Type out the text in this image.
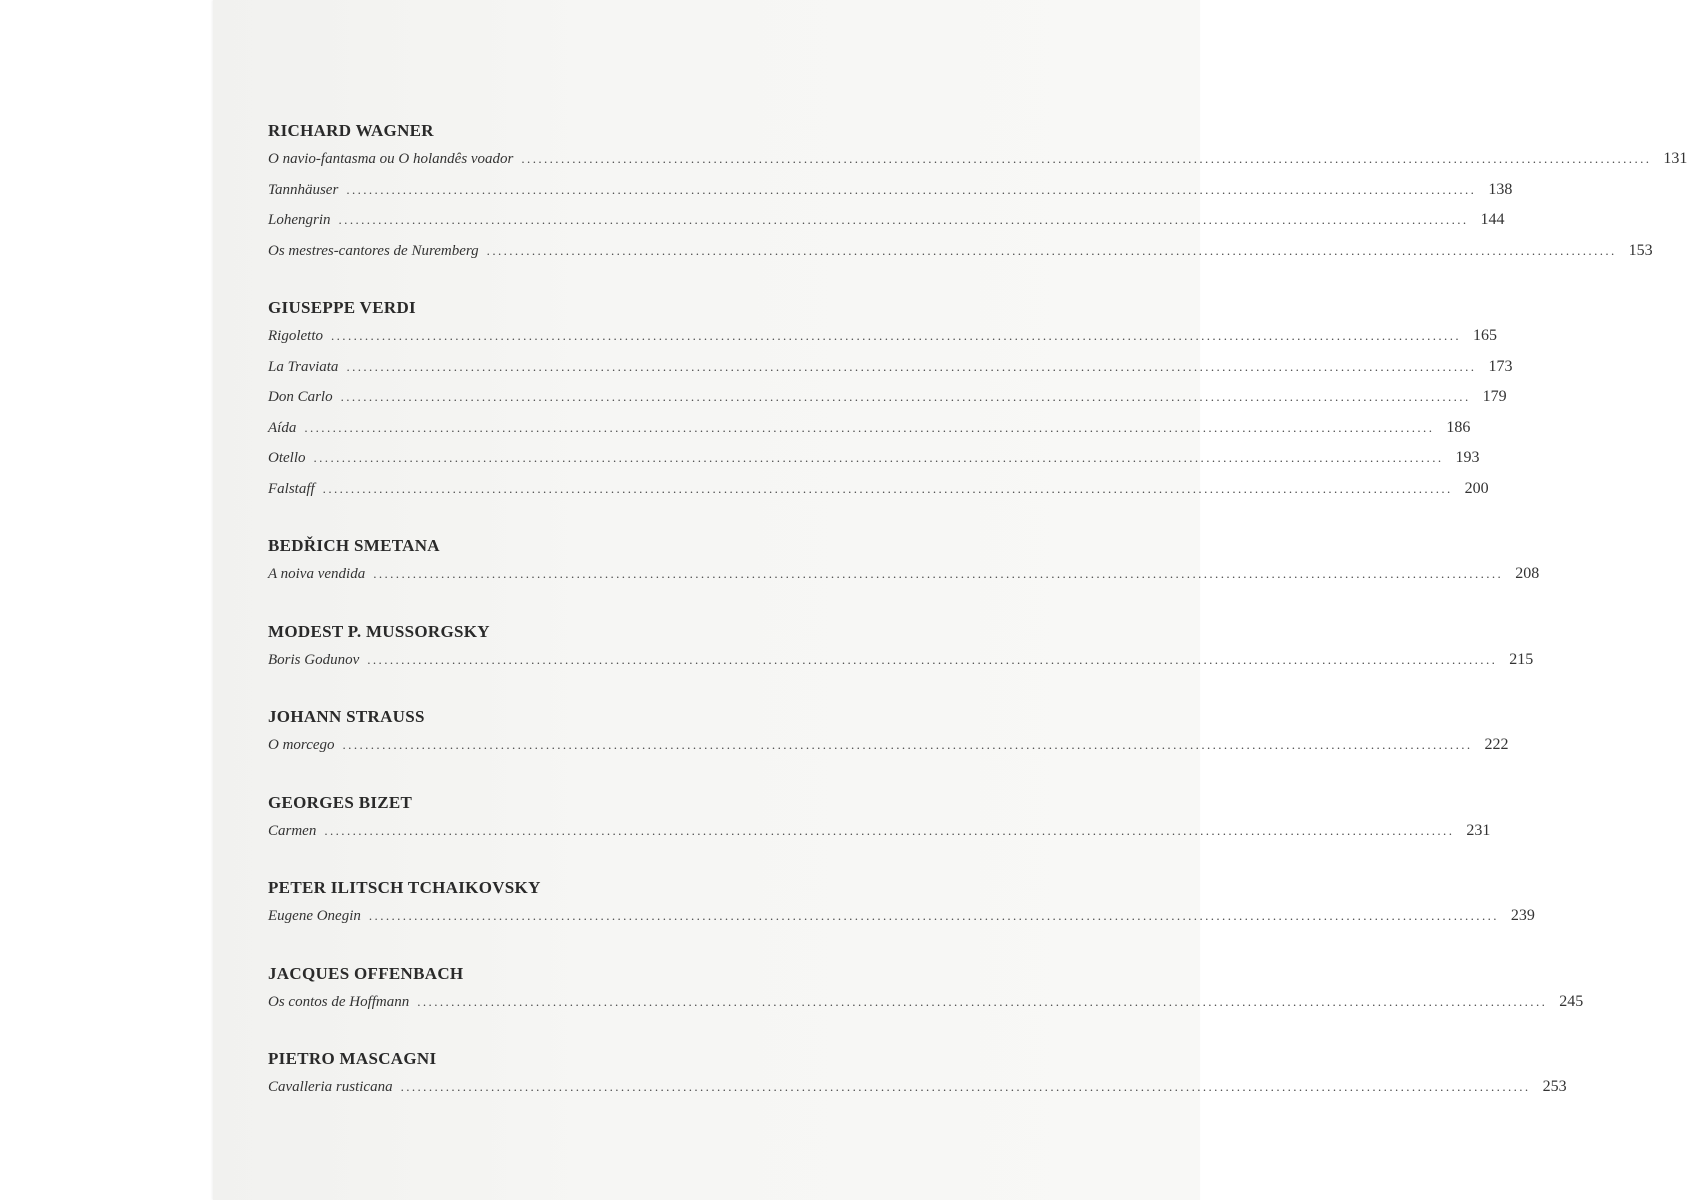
RICHARD WAGNER
O navio-fantasma ou O holandês voador ........................................................................................................................................................................................................ 131
Tannhäuser ........................................................................................................................................................................................................ 138
Lohengrin ........................................................................................................................................................................................................ 144
Os mestres-cantores de Nuremberg ........................................................................................................................................................................................................ 153
GIUSEPPE VERDI
Rigoletto ........................................................................................................................................................................................................ 165
La Traviata ........................................................................................................................................................................................................ 173
Don Carlo ........................................................................................................................................................................................................ 179
Aída ........................................................................................................................................................................................................ 186
Otello ........................................................................................................................................................................................................ 193
Falstaff ........................................................................................................................................................................................................ 200
BEDŘICH SMETANA
A noiva vendida ........................................................................................................................................................................................................ 208
MODEST P. MUSSORGSKY
Boris Godunov ........................................................................................................................................................................................................ 215
JOHANN STRAUSS
O morcego ........................................................................................................................................................................................................ 222
GEORGES BIZET
Carmen ........................................................................................................................................................................................................ 231
PETER ILITSCH TCHAIKOVSKY
Eugene Onegin ........................................................................................................................................................................................................ 239
JACQUES OFFENBACH
Os contos de Hoffmann ........................................................................................................................................................................................................ 245
PIETRO MASCAGNI
Cavalleria rusticana ........................................................................................................................................................................................................ 253
